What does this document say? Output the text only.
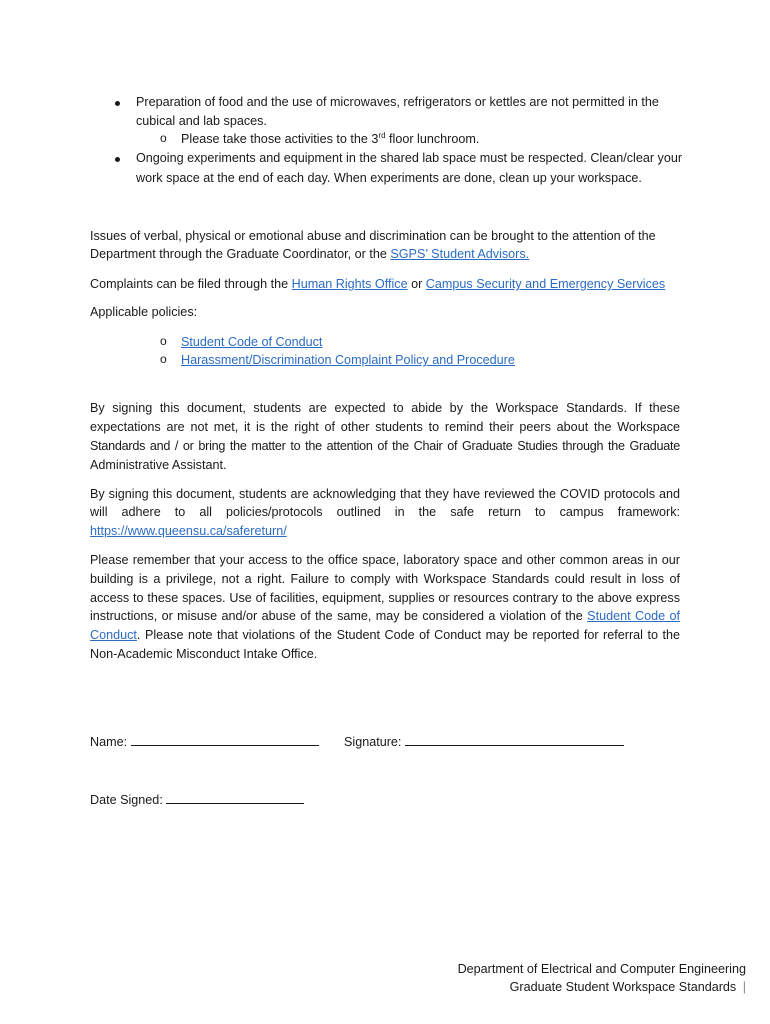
Preparation of food and the use of microwaves, refrigerators or kettles are not permitted in the
cubical and lab spaces.
o Please take those activities to the 3rd floor lunchroom.
Ongoing experiments and equipment in the shared lab space must be respected. Clean/clear your
work space at the end of each day. When experiments are done, clean up your workspace.
Issues of verbal, physical or emotional abuse and discrimination can be brought to the attention of the
Department through the Graduate Coordinator, or the SGPS’ Student Advisors.
Complaints can be filed through the Human Rights Office or Campus Security and Emergency Services
Applicable policies:
o Student Code of Conduct
o Harassment/Discrimination Complaint Policy and Procedure
By signing this document, students are expected to abide by the Workspace Standards. If these
expectations are not met, it is the right of other students to remind their peers about the Workspace
Standards and / or bring the matter to the attention of the Chair of Graduate Studies through the Graduate
Administrative Assistant.
By signing this document, students are acknowledging that they have reviewed the COVID protocols and
will adhere to all policies/protocols outlined in the safe return to campus framework:
https://www.queensu.ca/safereturn/
Please remember that your access to the office space, laboratory space and other common areas in our
building is a privilege, not a right. Failure to comply with Workspace Standards could result in loss of
access to these spaces. Use of facilities, equipment, supplies or resources contrary to the above express
instructions, or misuse and/or abuse of the same, may be considered a violation of the Student Code of
Conduct. Please note that violations of the Student Code of Conduct may be reported for referral to the
Non-Academic Misconduct Intake Office.
Name:	Signature:
Date Signed:
Department of Electrical and Computer Engineering
Graduate Student Workspace Standards |
